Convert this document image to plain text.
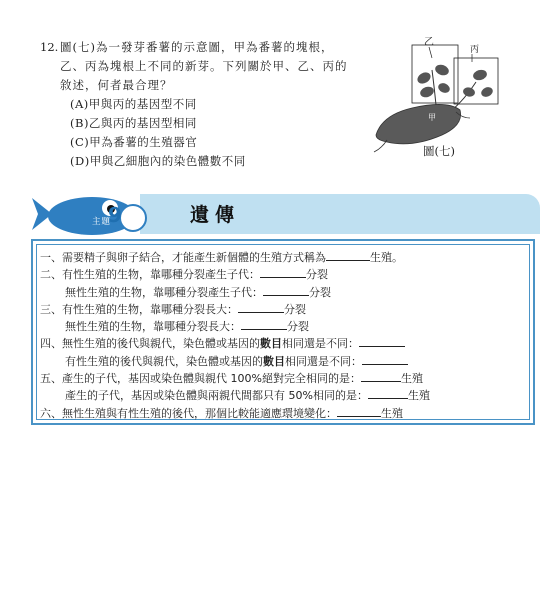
12. 圖(七)為一發芽番薯的示意圖，甲為番薯的塊根，
乙、丙為塊根上不同的新芽。下列關於甲、乙、丙的
敘述，何者最合理？
(A)甲與丙的基因型不同
(B)乙與丙的基因型相同
(C)甲為番薯的生殖器官
(D)甲與乙細胞內的染色體數不同
乙
丙
甲
圖(七)
主題	遺傳
9
一、需要精子與卵子結合，才能產生新個體的生殖方式稱為	生殖。
二、有性生殖的生物，靠哪種分裂產生子代：	分裂
無性生殖的生物，靠哪種分裂產生子代：	分裂
三、有性生殖的生物，靠哪種分裂長大：	分裂
無性生殖的生物，靠哪種分裂長大：	分裂
四、無性生殖的後代與親代，染色體或基因的數目相同還是不同：
有性生殖的後代與親代，染色體或基因的數目相同還是不同：
五、產生的子代，基因或染色體與親代 100%絕對完全相同的是：	生殖
產生的子代，基因或染色體與兩親代間都只有 50%相同的是：	生殖
六、無性生殖與有性生殖的後代，那個比較能適應環境變化：	生殖
